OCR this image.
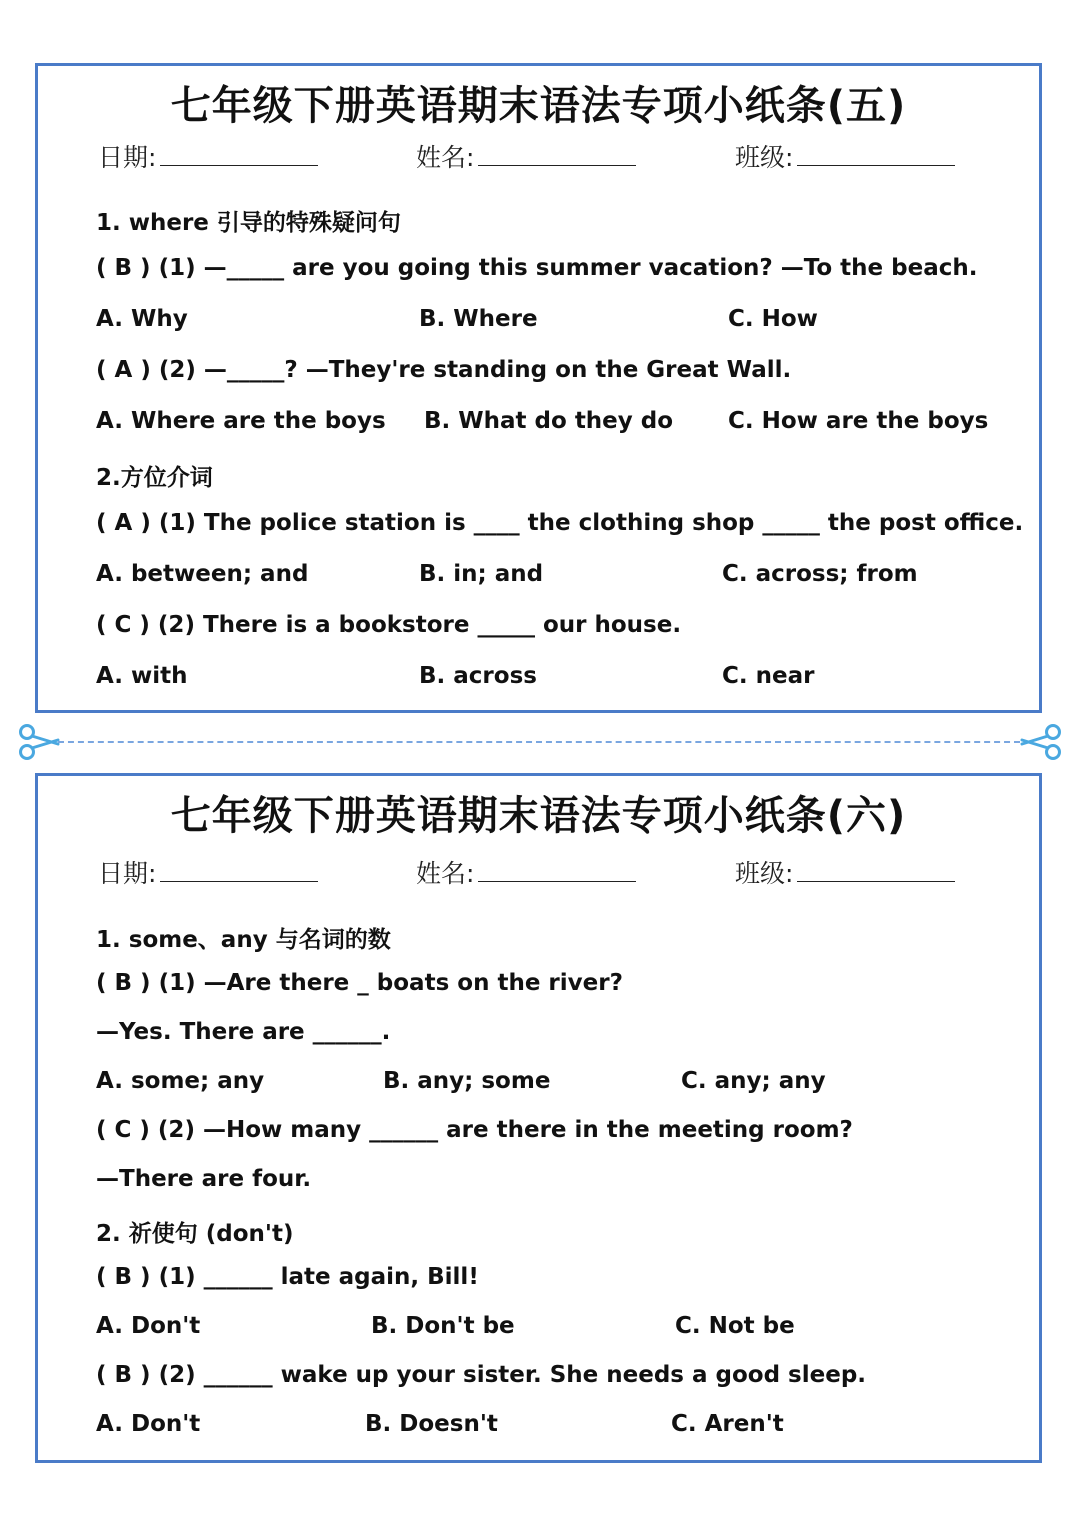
七年级下册英语期末语法专项小纸条(五)
日期:	姓名:	班级:
1. where 引导的特殊疑问句
( B ) (1) —_____ are you going this summer vacation? —To the beach.
A. Why	B. Where	C. How
( A ) (2) —_____? —They're standing on the Great Wall.
A. Where are the boys B. What do they do C. How are the boys
2.方位介词
( A ) (1) The police station is ____ the clothing shop _____ the post office.
A. between; and	B. in; and	C. across; from
( C ) (2) There is a bookstore _____ our house.
A. with	B. across	C. near
七年级下册英语期末语法专项小纸条(六)
日期:	姓名:	班级:
1. some、any 与名词的数
( B ) (1) —Are there _ boats on the river?
—Yes. There are ______.
A. some; any	B. any; some	C. any; any
( C ) (2) —How many ______ are there in the meeting room?
—There are four.
2. 祈使句 (don't)
( B ) (1) ______ late again, Bill!
A. Don't	B. Don't be	C. Not be
( B ) (2) ______ wake up your sister. She needs a good sleep.
A. Don't	B. Doesn't	C. Aren't
